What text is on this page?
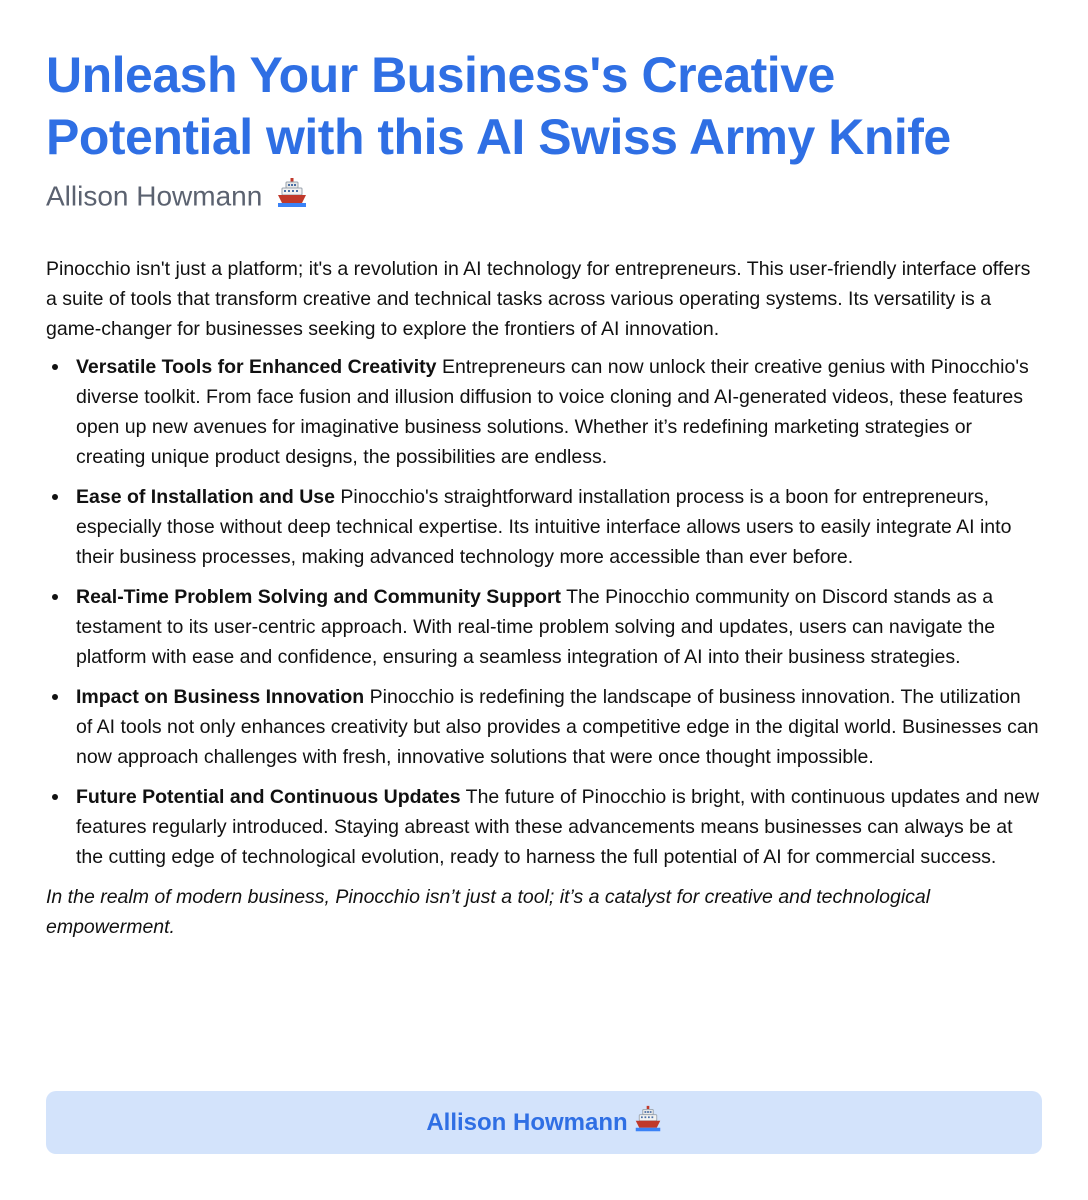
Unleash Your Business's Creative Potential with this AI Swiss Army Knife
Allison Howmann

Pinocchio isn't just a platform; it's a revolution in AI technology for entrepreneurs. This user-friendly interface offers a suite of tools that transform creative and technical tasks across various operating systems. Its versatility is a game-changer for businesses seeking to explore the frontiers of AI innovation.

Versatile Tools for Enhanced Creativity Entrepreneurs can now unlock their creative genius with Pinocchio's diverse toolkit. From face fusion and illusion diffusion to voice cloning and AI-generated videos, these features open up new avenues for imaginative business solutions. Whether it’s redefining marketing strategies or creating unique product designs, the possibilities are endless.
Ease of Installation and Use Pinocchio's straightforward installation process is a boon for entrepreneurs, especially those without deep technical expertise. Its intuitive interface allows users to easily integrate AI into their business processes, making advanced technology more accessible than ever before.
Real-Time Problem Solving and Community Support The Pinocchio community on Discord stands as a testament to its user-centric approach. With real-time problem solving and updates, users can navigate the platform with ease and confidence, ensuring a seamless integration of AI into their business strategies.
Impact on Business Innovation Pinocchio is redefining the landscape of business innovation. The utilization of AI tools not only enhances creativity but also provides a competitive edge in the digital world. Businesses can now approach challenges with fresh, innovative solutions that were once thought impossible.
Future Potential and Continuous Updates The future of Pinocchio is bright, with continuous updates and new features regularly introduced. Staying abreast with these advancements means businesses can always be at the cutting edge of technological evolution, ready to harness the full potential of AI for commercial success.

In the realm of modern business, Pinocchio isn’t just a tool; it’s a catalyst for creative and technological empowerment.

Allison Howmann
